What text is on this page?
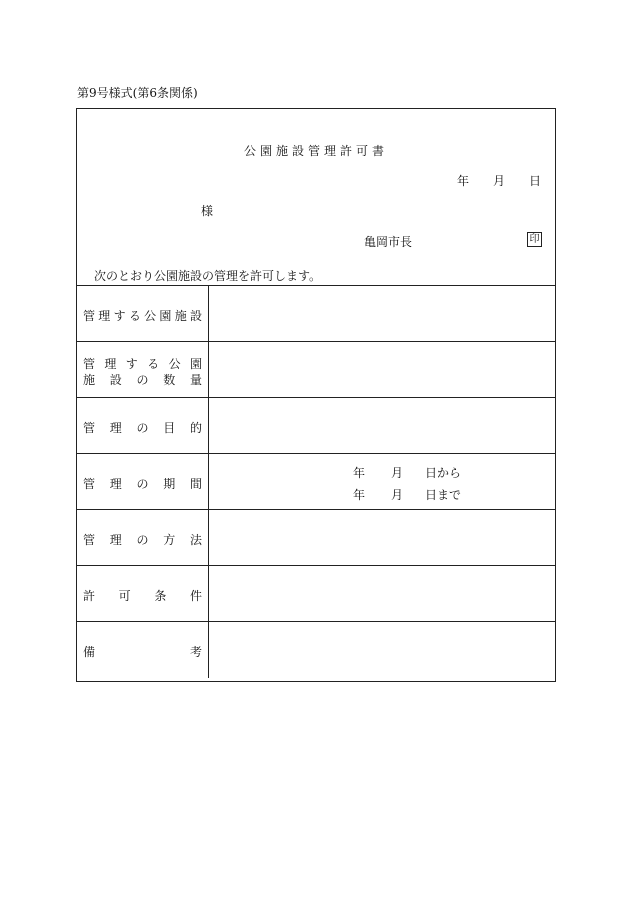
第9号様式(第6条関係)
公園施設管理許可書
年 月 日
様
亀岡市長	印
次のとおり公園施設の管理を許可します。
管 理 す る 公 園 施 設
管 理 す る 公 園
施 設 の 数 量
管 理 の 目 的
管 理 の 期 間
年 月 日から
年 月 日まで
管 理 の 方 法
許 可 条 件
備	考
